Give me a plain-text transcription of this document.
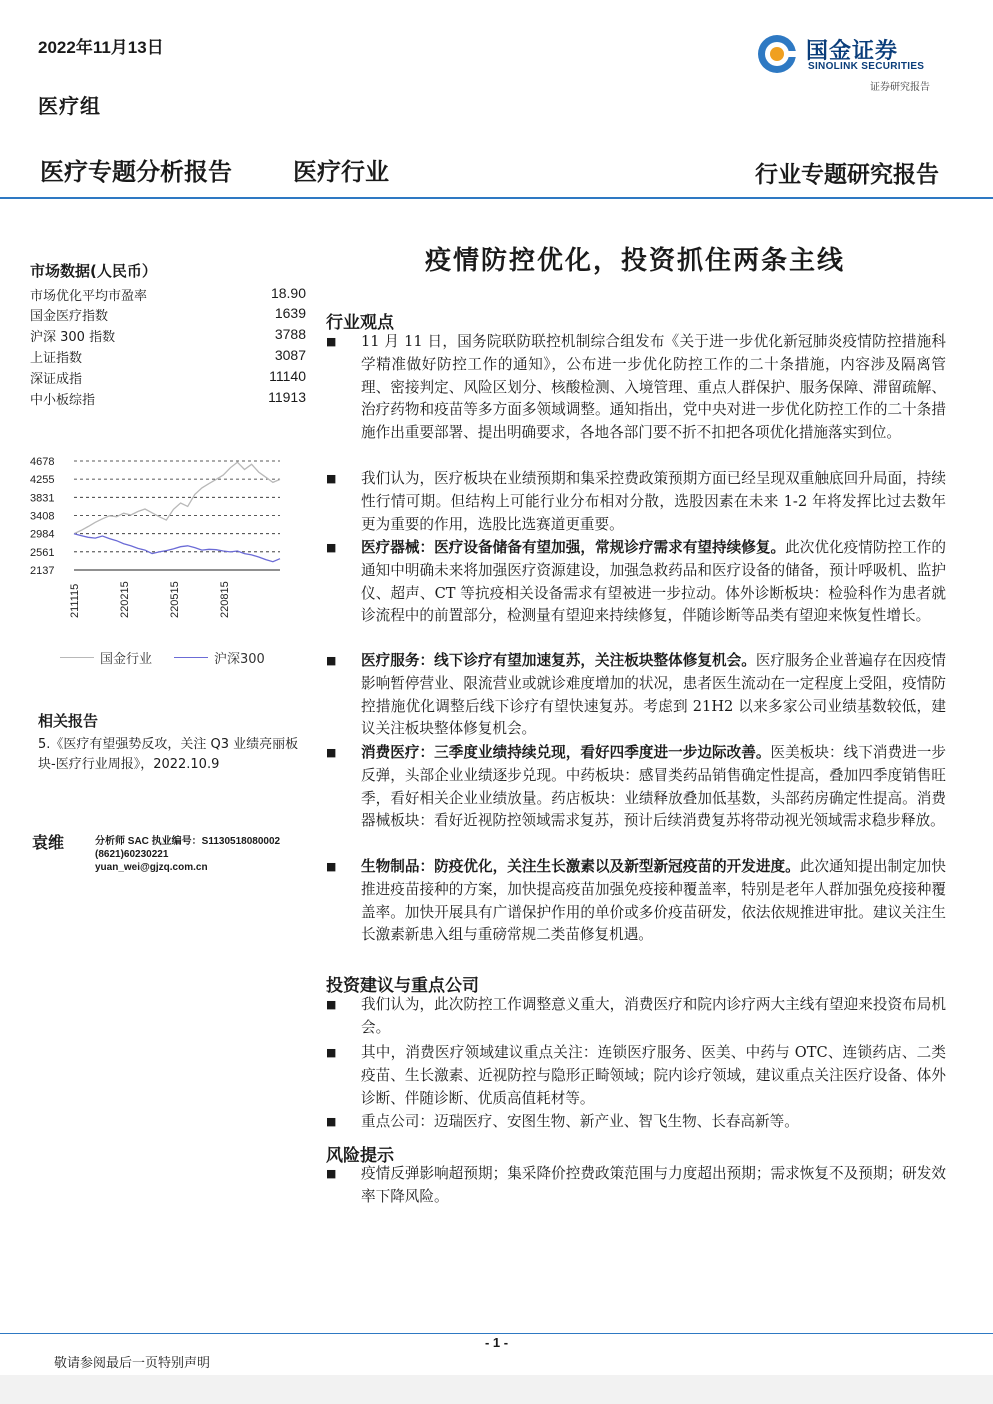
2022年11月13日
医疗组
国金证券
SINOLINK SECURITIES
证券研究报告
医疗专题分析报告	医疗行业	行业专题研究报告
市场数据(人民币）
市场优化平均市盈率	18.90
国金医疗指数	1639
沪深 300 指数	3788
上证指数	3087
深证成指	11140
中小板综指	11913
4678
4255
3831
3408
2984
2561
2137
211115	220215	220515	220815
国金行业	沪深300
相关报告
5.《医疗有望强势反攻，关注 Q3 业绩亮丽板块-医疗行业周报》，2022.10.9
袁维	分析师 SAC 执业编号：S1130518080002
(8621)60230221
yuan_wei@gjzq.com.cn
疫情防控优化，投资抓住两条主线
行业观点
■	11 月 11 日，国务院联防联控机制综合组发布《关于进一步优化新冠肺炎疫情防控措施科学精准做好防控工作的通知》，公布进一步优化防控工作的二十条措施，内容涉及隔离管理、密接判定、风险区划分、核酸检测、入境管理、重点人群保护、服务保障、滞留疏解、治疗药物和疫苗等多方面多领域调整。通知指出，党中央对进一步优化防控工作的二十条措施作出重要部署、提出明确要求，各地各部门要不折不扣把各项优化措施落实到位。
■	我们认为，医疗板块在业绩预期和集采控费政策预期方面已经呈现双重触底回升局面，持续性行情可期。但结构上可能行业分布相对分散，选股因素在未来 1-2 年将发挥比过去数年更为重要的作用，选股比选赛道更重要。
■	医疗器械：医疗设备储备有望加强，常规诊疗需求有望持续修复。此次优化疫情防控工作的通知中明确未来将加强医疗资源建设，加强急救药品和医疗设备的储备，预计呼吸机、监护仪、超声、CT 等抗疫相关设备需求有望被进一步拉动。体外诊断板块：检验科作为患者就诊流程中的前置部分，检测量有望迎来持续修复，伴随诊断等品类有望迎来恢复性增长。
■	医疗服务：线下诊疗有望加速复苏，关注板块整体修复机会。医疗服务企业普遍存在因疫情影响暂停营业、限流营业或就诊难度增加的状况，患者医生流动在一定程度上受阻，疫情防控措施优化调整后线下诊疗有望快速复苏。考虑到 21H2 以来多家公司业绩基数较低，建议关注板块整体修复机会。
■	消费医疗：三季度业绩持续兑现，看好四季度进一步边际改善。医美板块：线下消费进一步反弹，头部企业业绩逐步兑现。中药板块：感冒类药品销售确定性提高，叠加四季度销售旺季，看好相关企业业绩放量。药店板块：业绩释放叠加低基数，头部药房确定性提高。消费器械板块：看好近视防控领域需求复苏，预计后续消费复苏将带动视光领域需求稳步释放。
■	生物制品：防疫优化，关注生长激素以及新型新冠疫苗的开发进度。此次通知提出制定加快推进疫苗接种的方案，加快提高疫苗加强免疫接种覆盖率，特别是老年人群加强免疫接种覆盖率。加快开展具有广谱保护作用的单价或多价疫苗研发，依法依规推进审批。建议关注生长激素新患入组与重磅常规二类苗修复机遇。
投资建议与重点公司
■	我们认为，此次防控工作调整意义重大，消费医疗和院内诊疗两大主线有望迎来投资布局机会。
■	其中，消费医疗领域建议重点关注：连锁医疗服务、医美、中药与 OTC、连锁药店、二类疫苗、生长激素、近视防控与隐形正畸领域；院内诊疗领域，建议重点关注医疗设备、体外诊断、伴随诊断、优质高值耗材等。
■	重点公司：迈瑞医疗、安图生物、新产业、智飞生物、长春高新等。
风险提示
■	疫情反弹影响超预期；集采降价控费政策范围与力度超出预期；需求恢复不及预期；研发效率下降风险。
- 1 -
敬请参阅最后一页特别声明
